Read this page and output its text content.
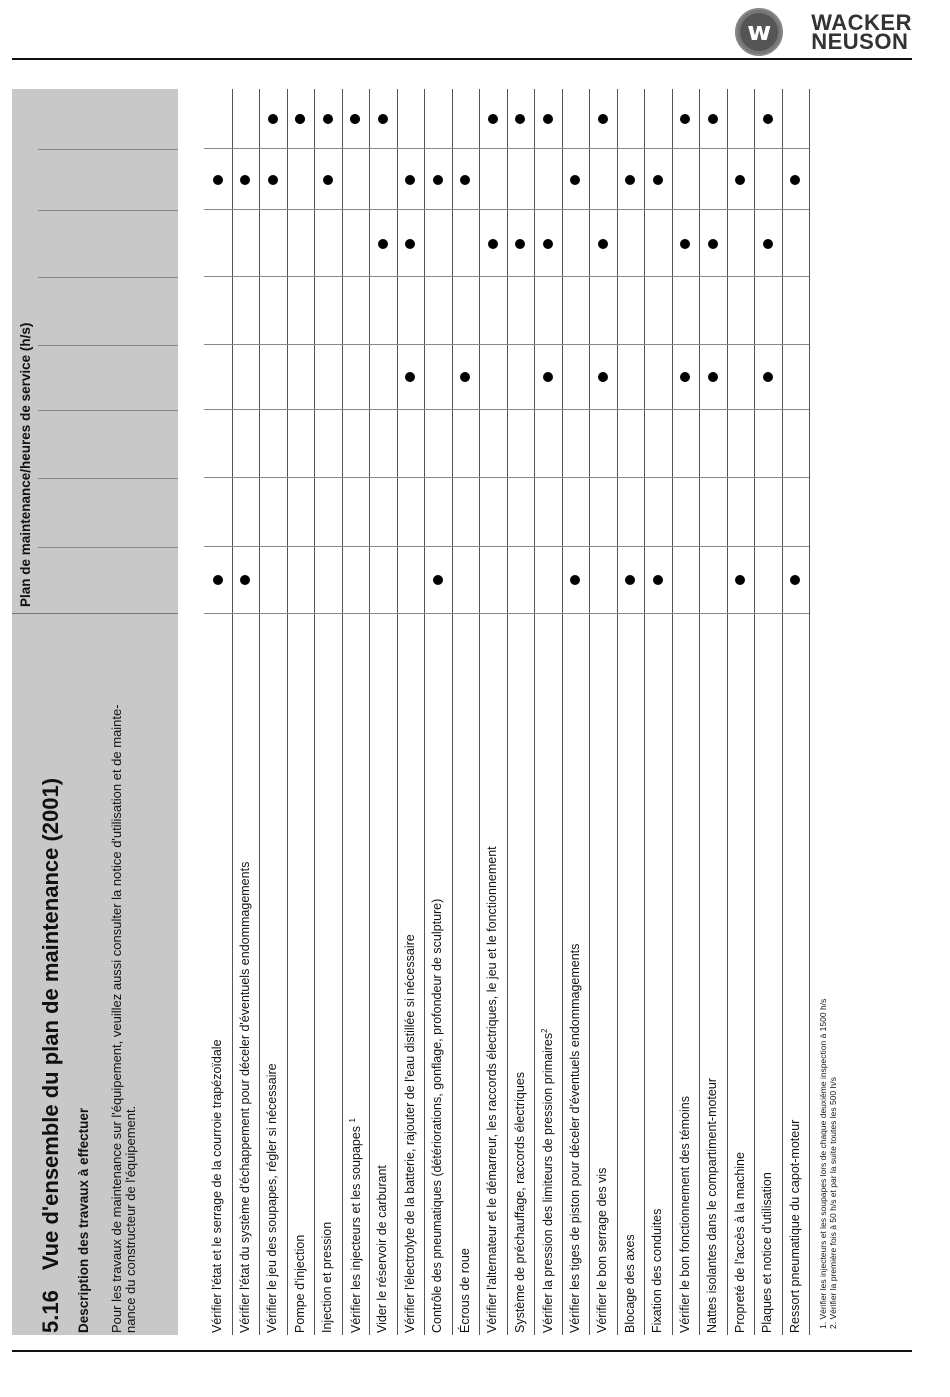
w	WACKER
NEUSON
5.16Vue d'ensemble du plan de maintenance (2001) Description des travaux à effectuer Pour les travaux de maintenance sur l'équipement, veuillez aussi consulter la notice d'utilisation et de mainte-nance du constructeur de l'équipement.
Plan de maintenance/heures de service (h/s)
Vérifier l'état et le serrage de la courroie trapézoïdale Vérifier l'état du système d'échappement pour déceler d'éventuels endommagements Vérifier le jeu des soupapes, régler si nécessaire Pompe d'injection Injection et pression Vérifier les injecteurs et les soupapes $^1$
Vider le réservoir de carburant Vérifier l'électrolyte de la batterie, rajouter de l'eau distillée si nécessaire Contrôle des pneumatiques (détériorations, gonflage, profondeur de sculpture) Écrous de roue Vérifier l'alternateur et le démarreur, les raccords électriques, le jeu et le fonctionnement Système de préchauffage, raccords électriques Vérifier la pression des limiteurs de pression primaires$^2$	Vérifier les tiges de piston pour déceler d'éventuels endommagements Vérifier le bon serrage des vis Blocage des axes Fixation des conduites Vérifier le bon fonctionnement des témoins Nattes isolantes dans le compartiment-moteur Propreté de l'accès à la machine Plaques et notice d'utilisation Ressort pneumatique du capot-moteur 1. Vérifier les injecteurs et les soupapes lors de chaque deuxième inspection à 1500 h/s 2. Vérifier la première fois à 50 h/s et par la suite toutes les 500 h/s
